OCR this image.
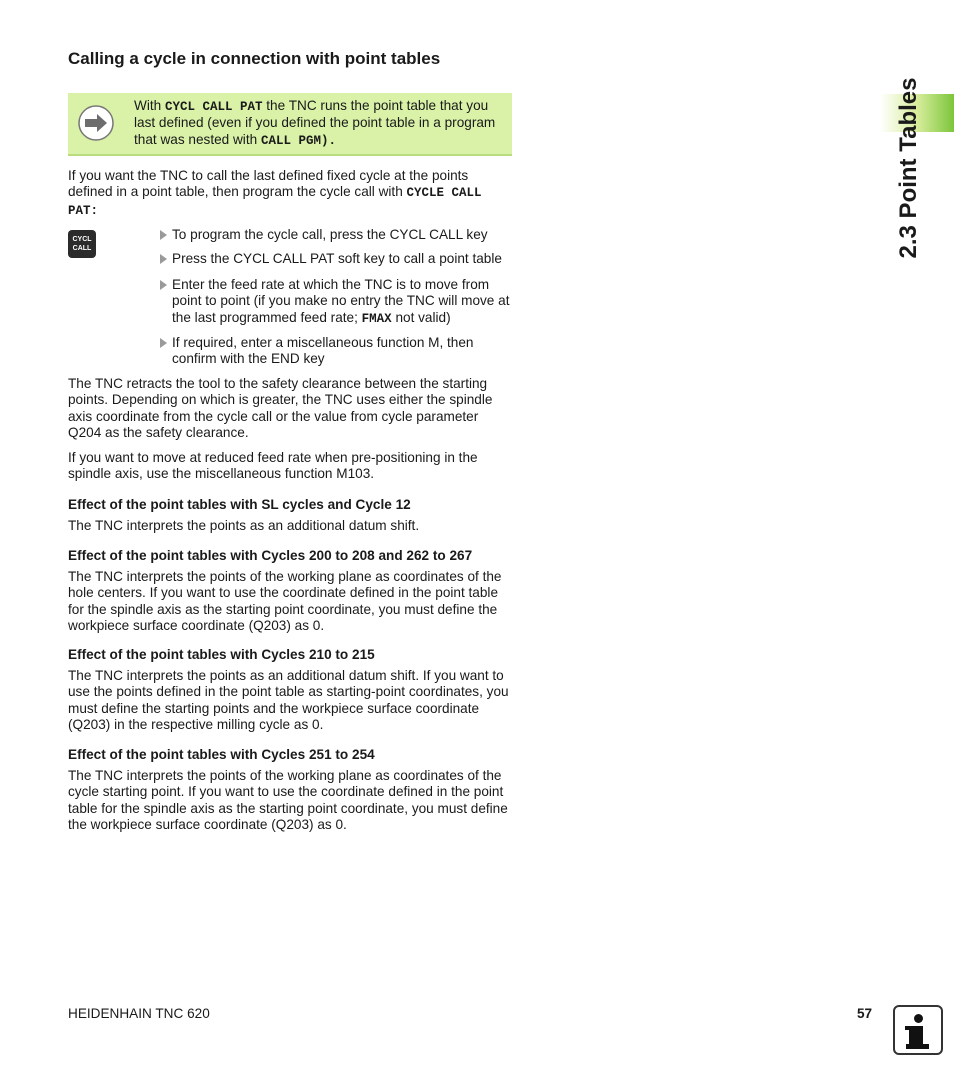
Calling a cycle in connection with point tables
With CYCL CALL PAT the TNC runs the point table that you last defined (even if you defined the point table in a program that was nested with CALL PGM).

If you want the TNC to call the last defined fixed cycle at the points defined in a point table, then program the cycle call with CYCLE CALL PAT:

CYCL
CALL
To program the cycle call, press the CYCL CALL key
Press the CYCL CALL PAT soft key to call a point table
Enter the feed rate at which the TNC is to move from point to point (if you make no entry the TNC will move at the last programmed feed rate; FMAX not valid)
If required, enter a miscellaneous function M, then confirm with the END key

The TNC retracts the tool to the safety clearance between the starting points. Depending on which is greater, the TNC uses either the spindle axis coordinate from the cycle call or the value from cycle parameter Q204 as the safety clearance.

If you want to move at reduced feed rate when pre-positioning in the spindle axis, use the miscellaneous function M103.

Effect of the point tables with SL cycles and Cycle 12

The TNC interprets the points as an additional datum shift.

Effect of the point tables with Cycles 200 to 208 and 262 to 267

The TNC interprets the points of the working plane as coordinates of the hole centers. If you want to use the coordinate defined in the point table for the spindle axis as the starting point coordinate, you must define the workpiece surface coordinate (Q203) as 0.

Effect of the point tables with Cycles 210 to 215

The TNC interprets the points as an additional datum shift. If you want to use the points defined in the point table as starting-point coordinates, you must define the starting points and the workpiece surface coordinate (Q203) in the respective milling cycle as 0.

Effect of the point tables with Cycles 251 to 254

The TNC interprets the points of the working plane as coordinates of the cycle starting point. If you want to use the coordinate defined in the point table for the spindle axis as the starting point coordinate, you must define the workpiece surface coordinate (Q203) as 0.

2.3 Point Tables
HEIDENHAIN TNC 620	57
